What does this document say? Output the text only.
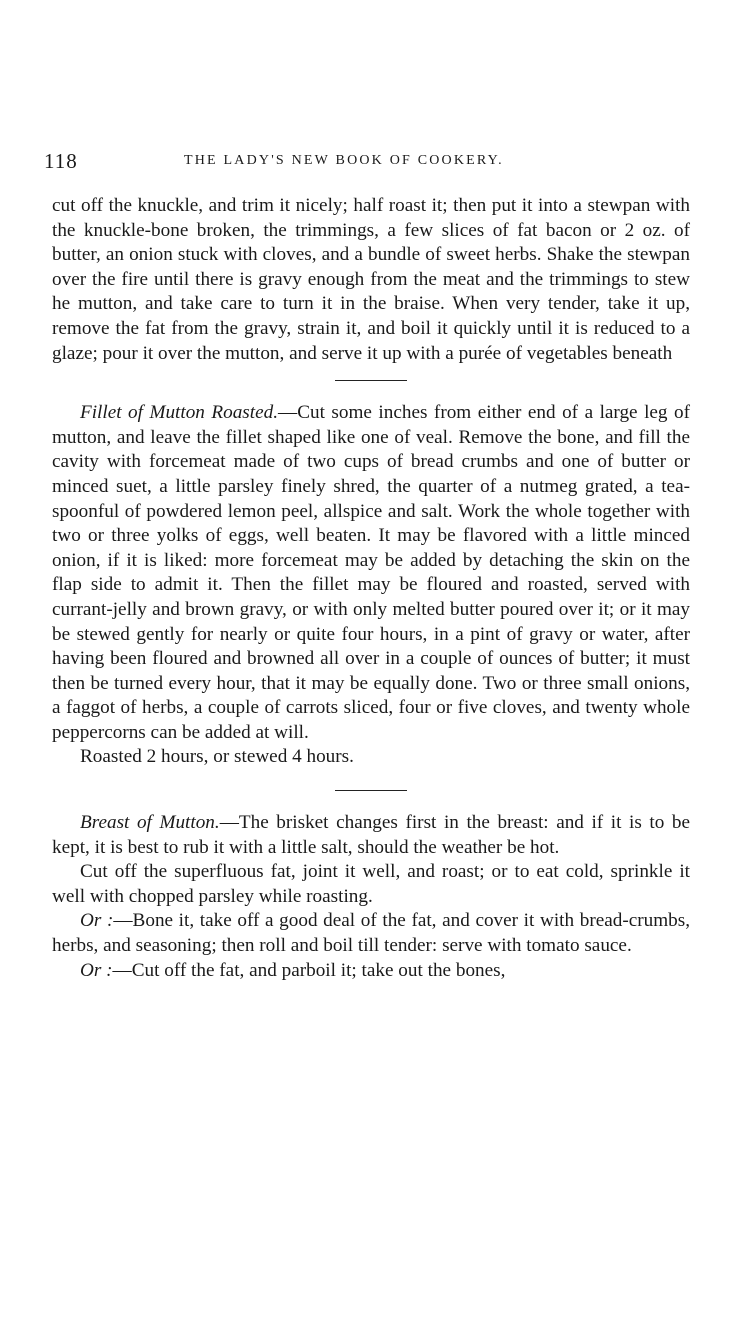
118	THE LADY'S NEW BOOK OF COOKERY.

cut off the knuckle, and trim it nicely; half roast it; then put it into a stewpan with the knuckle-bone broken, the trimmings, a few slices of fat bacon or 2 oz. of butter, an onion stuck with cloves, and a bundle of sweet herbs. Shake the stewpan over the fire until there is gravy enough from the meat and the trimmings to stew he mutton, and take care to turn it in the braise. When very tender, take it up, remove the fat from the gravy, strain it, and boil it quickly until it is reduced to a glaze; pour it over the mutton, and serve it up with a purée of vegetables beneath

Fillet of Mutton Roasted.—Cut some inches from either end of a large leg of mutton, and leave the fillet shaped like one of veal. Remove the bone, and fill the cavity with forcemeat made of two cups of bread crumbs and one of butter or minced suet, a little parsley finely shred, the quarter of a nutmeg grated, a tea-spoonful of powdered lemon peel, allspice and salt. Work the whole together with two or three yolks of eggs, well beaten. It may be flavored with a little minced onion, if it is liked: more forcemeat may be added by detaching the skin on the flap side to admit it. Then the fillet may be floured and roasted, served with currant-jelly and brown gravy, or with only melted butter poured over it; or it may be stewed gently for nearly or quite four hours, in a pint of gravy or water, after having been floured and browned all over in a couple of ounces of butter; it must then be turned every hour, that it may be equally done. Two or three small onions, a faggot of herbs, a couple of carrots sliced, four or five cloves, and twenty whole peppercorns can be added at will.

Roasted 2 hours, or stewed 4 hours.

Breast of Mutton.—The brisket changes first in the breast: and if it is to be kept, it is best to rub it with a little salt, should the weather be hot.

Cut off the superfluous fat, joint it well, and roast; or to eat cold, sprinkle it well with chopped parsley while roasting.

Or :—Bone it, take off a good deal of the fat, and cover it with bread-crumbs, herbs, and seasoning; then roll and boil till tender: serve with tomato sauce.

Or :—Cut off the fat, and parboil it; take out the bones,
